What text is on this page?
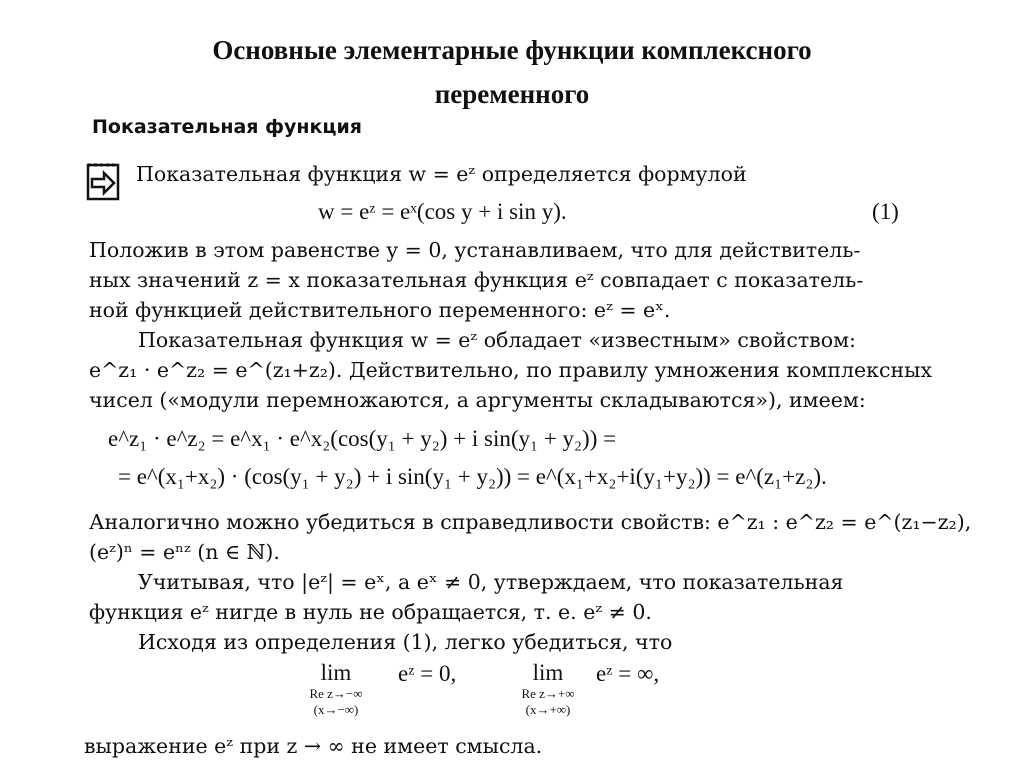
Основные элементарные функции комплексного
переменного
Показательная функция
Показательная функция w = eᶻ определяется формулой
w = eᶻ = eˣ(cos y + i sin y).	(1)
Положив в этом равенстве y = 0, устанавливаем, что для действитель-
ных значений z = x показательная функция eᶻ совпадает с показатель-
ной функцией действительного переменного: eᶻ = eˣ.
Показательная функция w = eᶻ обладает «известным» свойством:
e^z₁ · e^z₂ = e^(z₁+z₂). Действительно, по правилу умножения комплексных
чисел («модули перемножаются, а аргументы складываются»), имеем:
e^z₁ · e^z₂ = e^x₁ · e^x₂(cos(y₁ + y₂) + i sin(y₁ + y₂)) =
= e^(x₁+x₂) · (cos(y₁ + y₂) + i sin(y₁ + y₂)) = e^(x₁+x₂+i(y₁+y₂)) = e^(z₁+z₂).
Аналогично можно убедиться в справедливости свойств: e^z₁ : e^z₂ = e^(z₁−z₂),
(eᶻ)ⁿ = eⁿᶻ (n ∈ ℕ).
Учитывая, что |eᶻ| = eˣ, а eˣ ≠ 0, утверждаем, что показательная
функция eᶻ нигде в нуль не обращается, т. е. eᶻ ≠ 0.
Исходя из определения (1), легко убедиться, что
lim
Re z→−∞
(x→−∞)
eᶻ = 0,	lim
Re z→+∞
(x→+∞)
eᶻ = ∞,
выражение eᶻ при z → ∞ не имеет смысла.
